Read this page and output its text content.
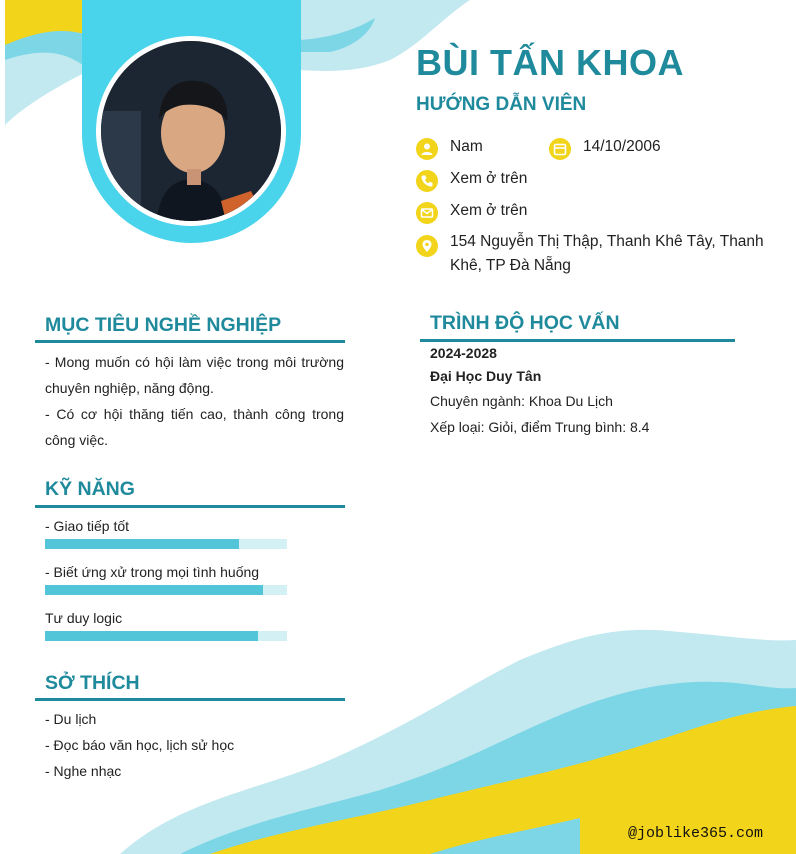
BÙI TẤN KHOA
HƯỚNG DẪN VIÊN
Nam	14/10/2006
Xem ở trên
Xem ở trên
154 Nguyễn Thị Thập, Thanh Khê Tây, Thanh Khê, TP Đà Nẵng
MỤC TIÊU NGHỀ NGHIỆP
- Mong muốn có hội làm việc trong môi trường chuyên nghiệp, năng động.
- Có cơ hội thăng tiến cao, thành công trong công việc.
KỸ NĂNG
- Giao tiếp tốt
- Biết ứng xử trong mọi tình huống
Tư duy logic
SỞ THÍCH
- Du lịch
- Đọc báo văn học, lịch sử học
- Nghe nhạc
TRÌNH ĐỘ HỌC VẤN
2024-2028
Đại Học Duy Tân
Chuyên ngành: Khoa Du Lịch
Xếp loại: Giỏi, điểm Trung bình: 8.4
@joblike365.com
